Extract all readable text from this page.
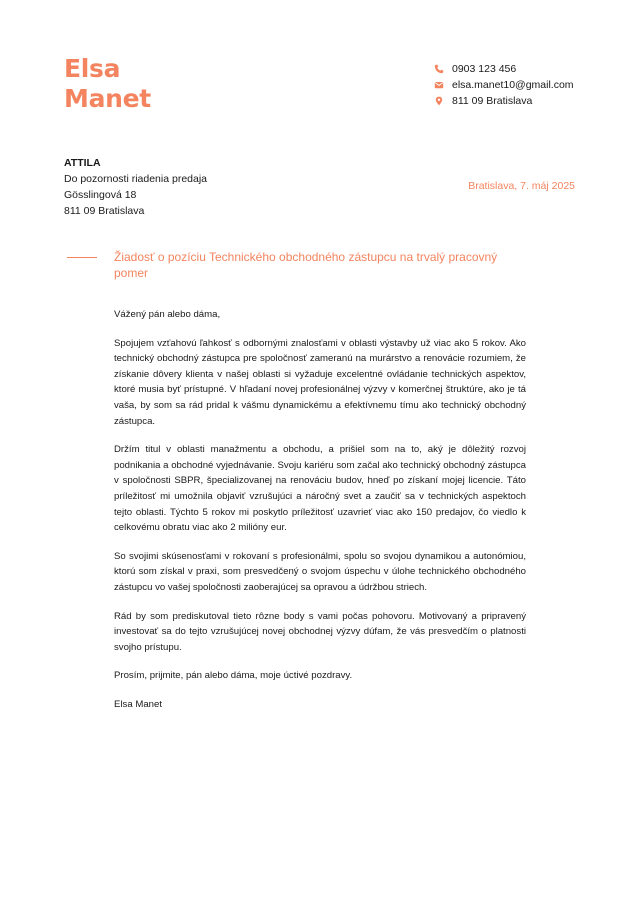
Elsa
Manet
0903 123 456
elsa.manet10@gmail.com
811 09 Bratislava
ATTILA
Do pozornosti riadenia predaja
Gösslingová 18
811 09 Bratislava
Bratislava, 7. máj 2025
Žiadosť o pozíciu Technického obchodného zástupcu na trvalý pracovný pomer

Vážený pán alebo dáma,

Spojujem vzťahovú ľahkosť s odbornými znalosťami v oblasti výstavby už viac ako 5 rokov. Ako technický obchodný zástupca pre spoločnosť zameranú na murárstvo a renovácie rozumiem, že získanie dôvery klienta v našej oblasti si vyžaduje excelentné ovládanie technických aspektov, ktoré musia byť prístupné. V hľadaní novej profesionálnej výzvy v komerčnej štruktúre, ako je tá vaša, by som sa rád pridal k vášmu dynamickému a efektívnemu tímu ako technický obchodný zástupca.

Držím titul v oblasti manažmentu a obchodu, a prišiel som na to, aký je dôležitý rozvoj podnikania a obchodné vyjednávanie. Svoju kariéru som začal ako technický obchodný zástupca v spoločnosti SBPR, špecializovanej na renováciu budov, hneď po získaní mojej licencie. Táto príležitosť mi umožnila objaviť vzrušujúci a náročný svet a zaučiť sa v technických aspektoch tejto oblasti. Týchto 5 rokov mi poskytlo príležitosť uzavrieť viac ako 150 predajov, čo viedlo k celkovému obratu viac ako 2 milióny eur.

So svojimi skúsenosťami v rokovaní s profesionálmi, spolu so svojou dynamikou a autonómiou, ktorú som získal v praxi, som presvedčený o svojom úspechu v úlohe technického obchodného zástupcu vo vašej spoločnosti zaoberajúcej sa opravou a údržbou striech.

Rád by som prediskutoval tieto rôzne body s vami počas pohovoru. Motivovaný a pripravený investovať sa do tejto vzrušujúcej novej obchodnej výzvy dúfam, že vás presvedčím o platnosti svojho prístupu.

Prosím, prijmite, pán alebo dáma, moje úctivé pozdravy.

Elsa Manet
